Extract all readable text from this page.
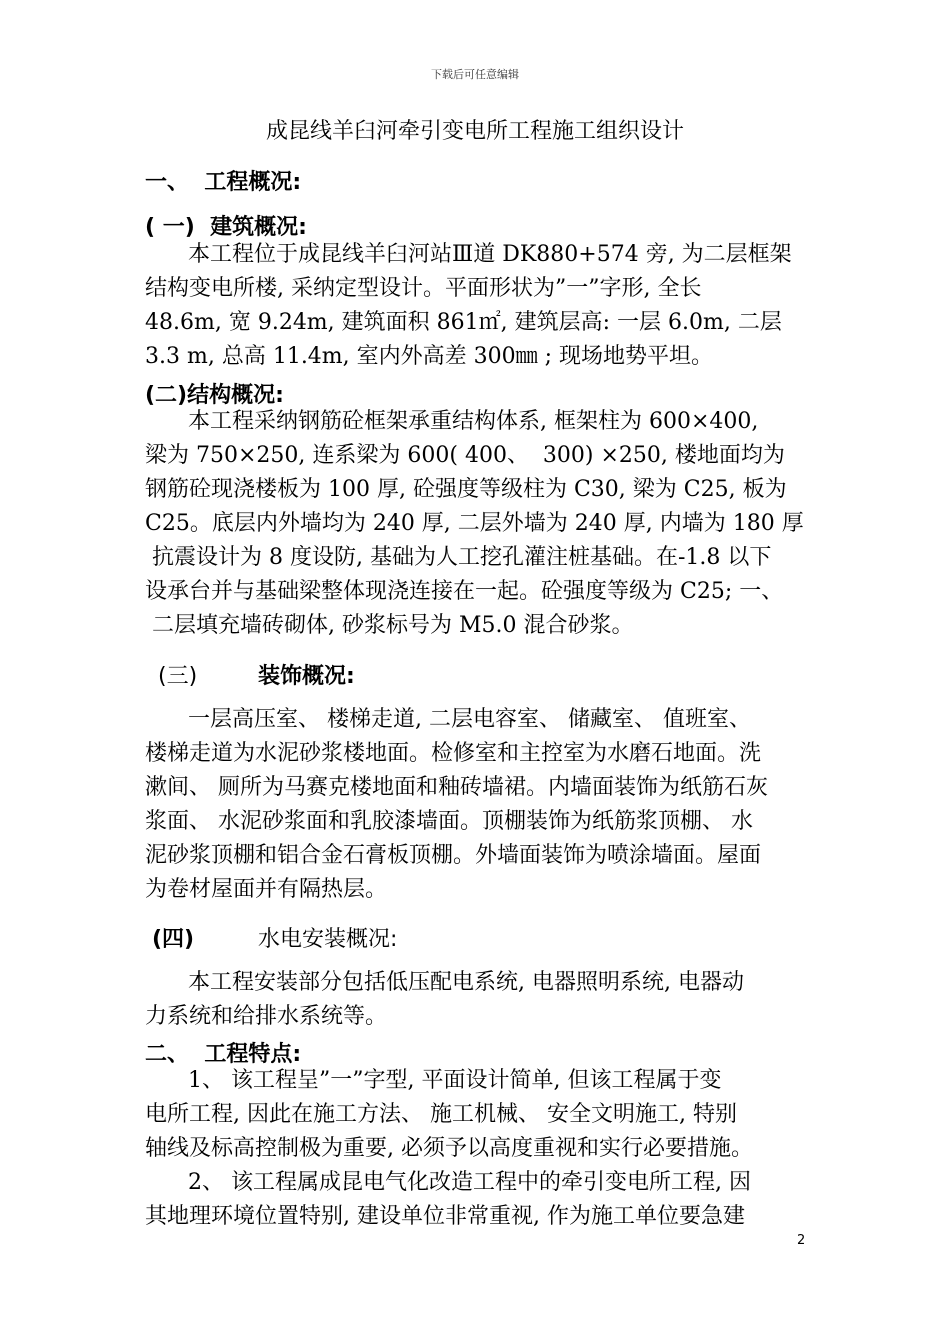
下载后可任意编辑
成昆线羊臼河牵引变电所工程施工组织设计
一、  工程概况:
( 一)  建筑概况:
本工程位于成昆线羊臼河站Ⅲ道 DK880+574 旁, 为二层框架
结构变电所楼, 采纳定型设计。平面形状为”一”字形, 全长
48.6m, 宽 9.24m, 建筑面积 861㎡, 建筑层高: 一层 6.0m, 二层
3.3 m, 总高 11.4m, 室内外高差 300㎜ ; 现场地势平坦。
(二)结构概况:
本工程采纳钢筋砼框架承重结构体系, 框架柱为 600×400,
梁为 750×250, 连系梁为 600( 400、  300) ×250, 楼地面均为
钢筋砼现浇楼板为 100 厚, 砼强度等级柱为 C30, 梁为 C25, 板为
C25。底层内外墙均为 240 厚, 二层外墙为 240 厚, 内墙为 180 厚
抗震设计为 8 度设防, 基础为人工挖孔灌注桩基础。在-1.8 以下
设承台并与基础梁整体现浇连接在一起。砼强度等级为 C25; 一、
二层填充墙砖砌体, 砂浆标号为 M5.0 混合砂浆。
(三)	装饰概况:
一层高压室、 楼梯走道, 二层电容室、 储藏室、 值班室、
楼梯走道为水泥砂浆楼地面。检修室和主控室为水磨石地面。洗
漱间、 厕所为马赛克楼地面和釉砖墙裙。内墙面装饰为纸筋石灰
浆面、 水泥砂浆面和乳胶漆墙面。顶棚装饰为纸筋浆顶棚、 水
泥砂浆顶棚和铝合金石膏板顶棚。外墙面装饰为喷涂墙面。屋面
为卷材屋面并有隔热层。
(四)	水电安装概况:
本工程安装部分包括低压配电系统, 电器照明系统, 电器动
力系统和给排水系统等。
二、  工程特点:
1、 该工程呈”一”字型, 平面设计简单, 但该工程属于变
电所工程, 因此在施工方法、 施工机械、 安全文明施工, 特别
轴线及标高控制极为重要, 必须予以高度重视和实行必要措施。
2、 该工程属成昆电气化改造工程中的牵引变电所工程, 因
其地理环境位置特别, 建设单位非常重视, 作为施工单位要急建
2
